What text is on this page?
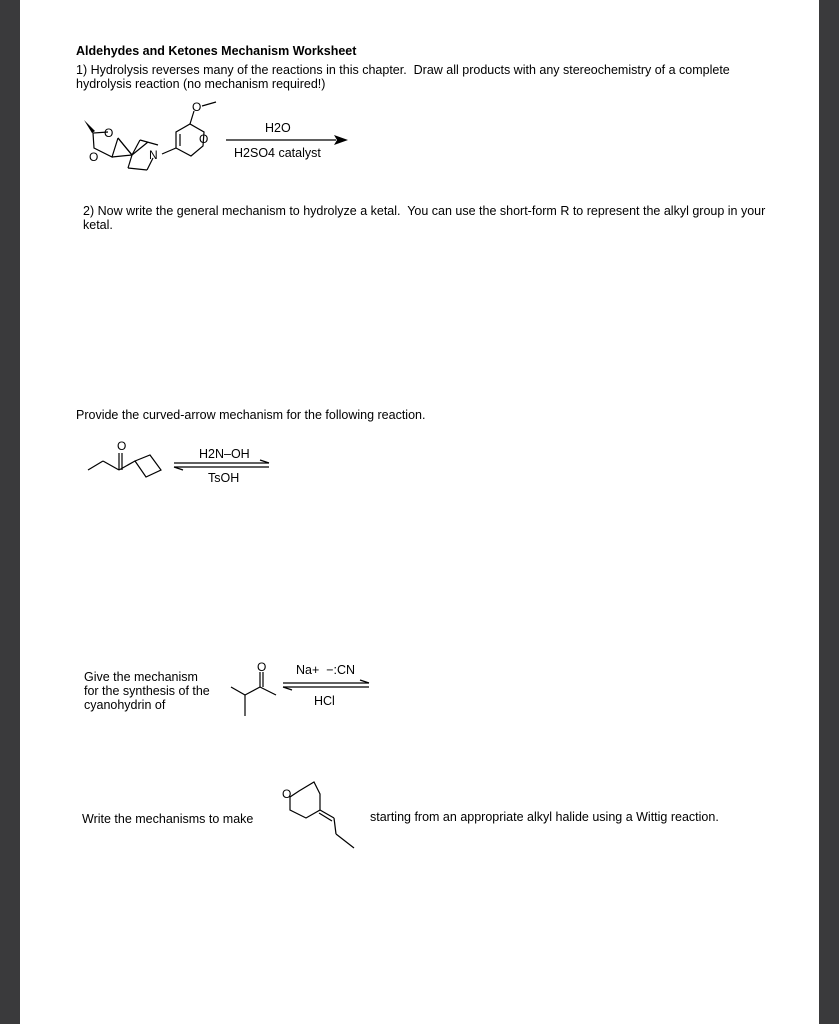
Aldehydes and Ketones Mechanism Worksheet
1) Hydrolysis reverses many of the reactions in this chapter.  Draw all products with any stereochemistry of a complete hydrolysis reaction (no mechanism required!)
O
O	N
O
O
H2O
H2SO4 catalyst
2) Now write the general mechanism to hydrolyze a ketal.  You can use the short-form R to represent the alkyl group in your ketal.
Provide the curved-arrow mechanism for the following reaction.
O
H2N–OH
TsOH
Give the mechanism
for the synthesis of the
cyanohydrin of
O Na+  −:CN
HCl
Write the mechanisms to make
O
starting from an appropriate alkyl halide using a Wittig reaction.
